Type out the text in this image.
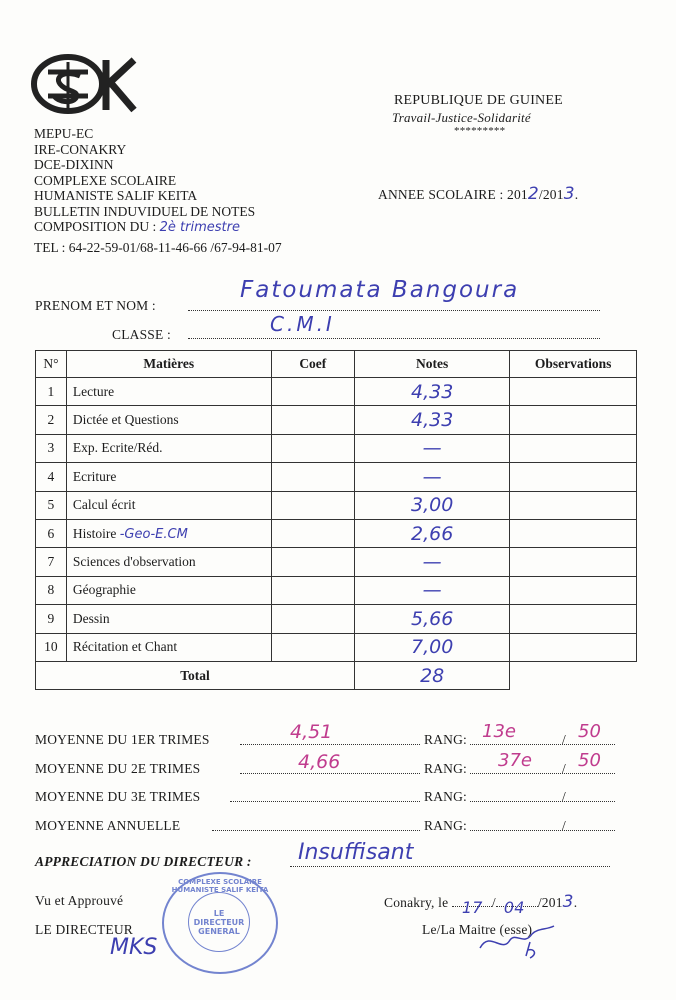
MEPU-EC
IRE-CONAKRY
DCE-DIXINN
COMPLEXE SCOLAIRE
HUMANISTE SALIF KEITA
BULLETIN INDUVIDUEL DE NOTES
COMPOSITION DU : 2è trimestre
TEL : 64-22-59-01/68-11-46-66 /67-94-81-07
REPUBLIQUE DE GUINEE
Travail-Justice-Solidarité
*********
ANNEE SCOLAIRE : 2012/2013.
PRENOM ET NOM :
Fatoumata Bangoura
CLASSE :	C.M.I
N°	Matières	Coef	Notes	Observations
1	Lecture		4,33	
2	Dictée et Questions		4,33	
3	Exp. Ecrite/Réd.		—	
4	Ecriture		—	
5	Calcul écrit		3,00	
6	Histoire -Geo-E.CM		2,66	
7	Sciences d'observation		—	
8	Géographie		—	
9	Dessin		5,66	
10	Récitation et Chant		7,00	
Total			28	
MOYENNE DU 1ER TRIMES	4,51	RANG: 13e	/ 50
MOYENNE DU 2E TRIMES	4,66	RANG: 37e / 50
MOYENNE DU 3E TRIMES	RANG:	/
MOYENNE ANNUELLE	RANG:	/
APPRECIATION DU DIRECTEUR : Insuffisant
Vu et Approuvé
LE DIRECTEUR
MKS
COMPLEXE SCOLAIRE HUMANISTE SALIF KEITA
LE DIRECTEUR GENERAL
Conakry, le 17 / 04 /2013.
Le/La Maitre (esse)
